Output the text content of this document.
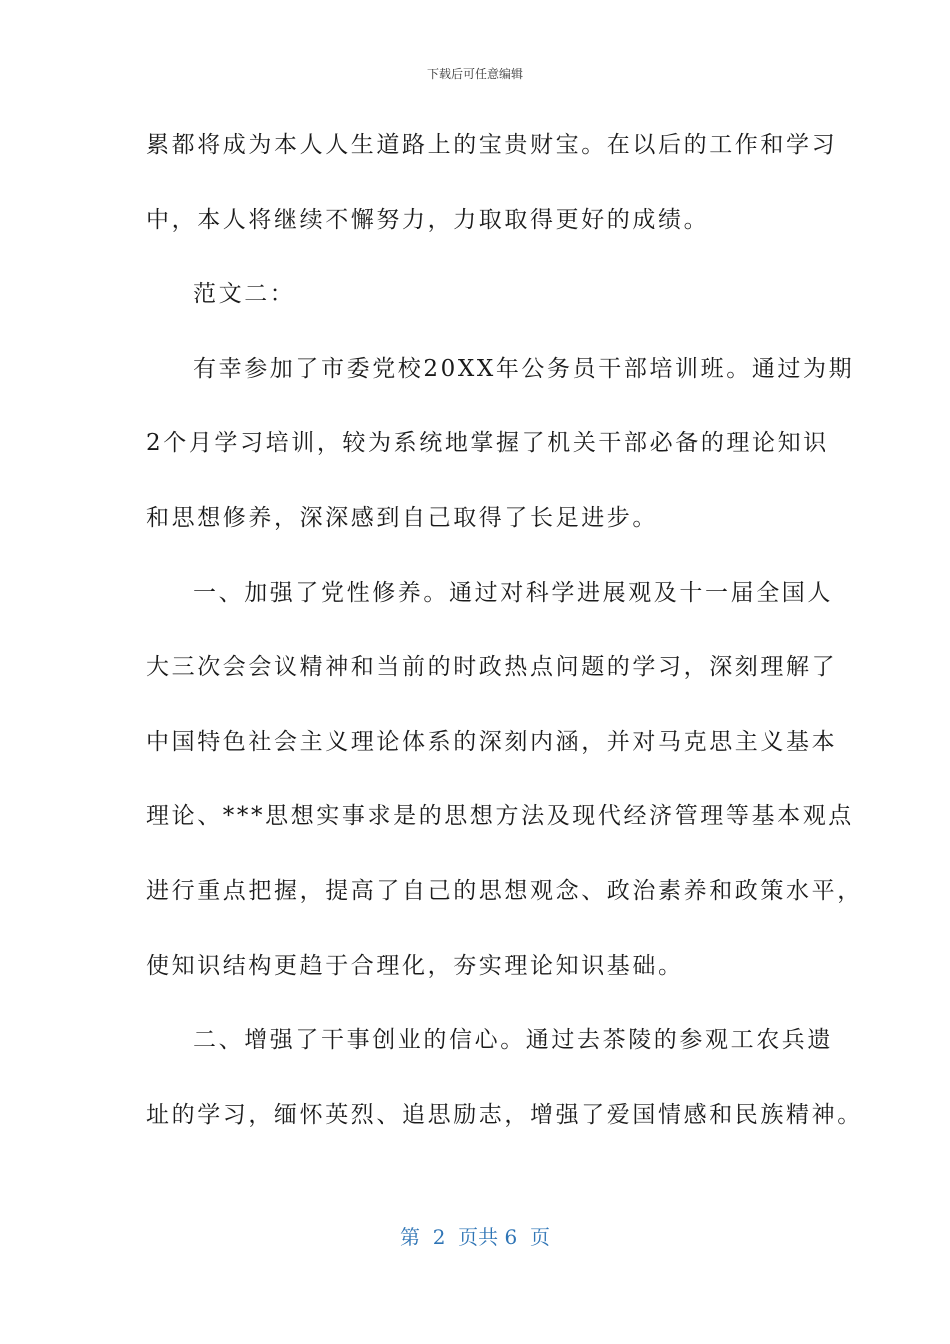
下载后可任意编辑
累都将成为本人人生道路上的宝贵财宝。在以后的工作和学习
中，本人将继续不懈努力，力取取得更好的成绩。
范文二：
有幸参加了市委党校20XX年公务员干部培训班。通过为期
2个月学习培训，较为系统地掌握了机关干部必备的理论知识
和思想修养，深深感到自己取得了长足进步。
一、加强了党性修养。通过对科学进展观及十一届全国人
大三次会会议精神和当前的时政热点问题的学习，深刻理解了
中国特色社会主义理论体系的深刻内涵，并对马克思主义基本
理论、***思想实事求是的思想方法及现代经济管理等基本观点
进行重点把握，提高了自己的思想观念、政治素养和政策水平，
使知识结构更趋于合理化，夯实理论知识基础。
二、增强了干事创业的信心。通过去茶陵的参观工农兵遗
址的学习，缅怀英烈、追思励志，增强了爱国情感和民族精神。
第  2  页共 6  页
